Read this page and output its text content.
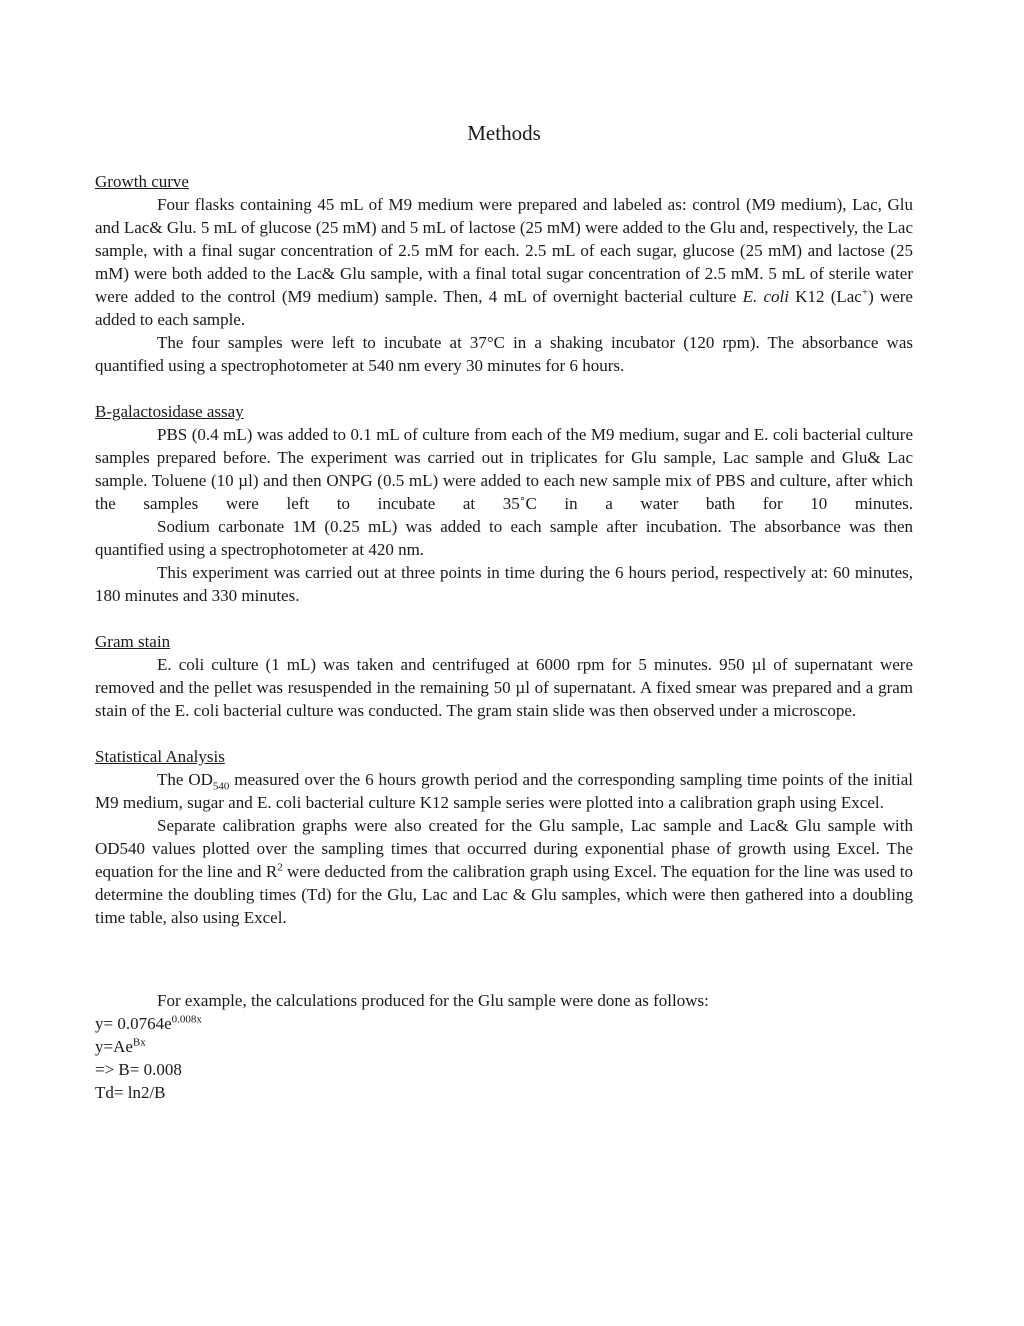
Methods

Growth curve

Four flasks containing 45 mL of M9 medium were prepared and labeled as: control (M9 medium), Lac, Glu and Lac& Glu. 5 mL of glucose (25 mM) and 5 mL of lactose (25 mM) were added to the Glu and, respectively, the Lac sample, with a final sugar concentration of 2.5 mM for each. 2.5 mL of each sugar, glucose (25 mM) and lactose (25 mM) were both added to the Lac& Glu sample, with a final total sugar concentration of 2.5 mM. 5 mL of sterile water were added to the control (M9 medium) sample. Then, 4 mL of overnight bacterial culture E. coli K12 (Lac+) were added to each sample.

The four samples were left to incubate at 37°C in a shaking incubator (120 rpm). The absorbance was quantified using a spectrophotometer at 540 nm every 30 minutes for 6 hours.

B-galactosidase assay

PBS (0.4 mL) was added to 0.1 mL of culture from each of the M9 medium, sugar and E. coli bacterial culture samples prepared before. The experiment was carried out in triplicates for Glu sample, Lac sample and Glu& Lac sample. Toluene (10 µl) and then ONPG (0.5 mL) were added to each new sample mix of PBS and culture, after which the samples were left to incubate at 35˚C in a water bath for 10 minutes.

Sodium carbonate 1M (0.25 mL) was added to each sample after incubation. The absorbance was then quantified using a spectrophotometer at 420 nm.

This experiment was carried out at three points in time during the 6 hours period, respectively at: 60 minutes, 180 minutes and 330 minutes.

Gram stain

E. coli culture (1 mL) was taken and centrifuged at 6000 rpm for 5 minutes. 950 µl of supernatant were removed and the pellet was resuspended in the remaining 50 µl of supernatant. A fixed smear was prepared and a gram stain of the E. coli bacterial culture was conducted. The gram stain slide was then observed under a microscope.

Statistical Analysis

The $OD_{540}$ measured over the 6 hours growth period and the corresponding sampling time points of the initial M9 medium, sugar and E. coli bacterial culture K12 sample series were plotted into a calibration graph using Excel.

Separate calibration graphs were also created for the Glu sample, Lac sample and Lac& Glu sample with OD540 values plotted over the sampling times that occurred during exponential phase of growth using Excel. The equation for the line and $R^2$ were deducted from the calibration graph using Excel. The equation for the line was used to determine the doubling times (Td) for the Glu, Lac and Lac & Glu samples, which were then gathered into a doubling time table, also using Excel.

For example, the calculations produced for the Glu sample were done as follows:

$y= 0.0764e^{0.008x}$

$y=Ae^{Bx}$

=> B= 0.008

Td= ln2/B
